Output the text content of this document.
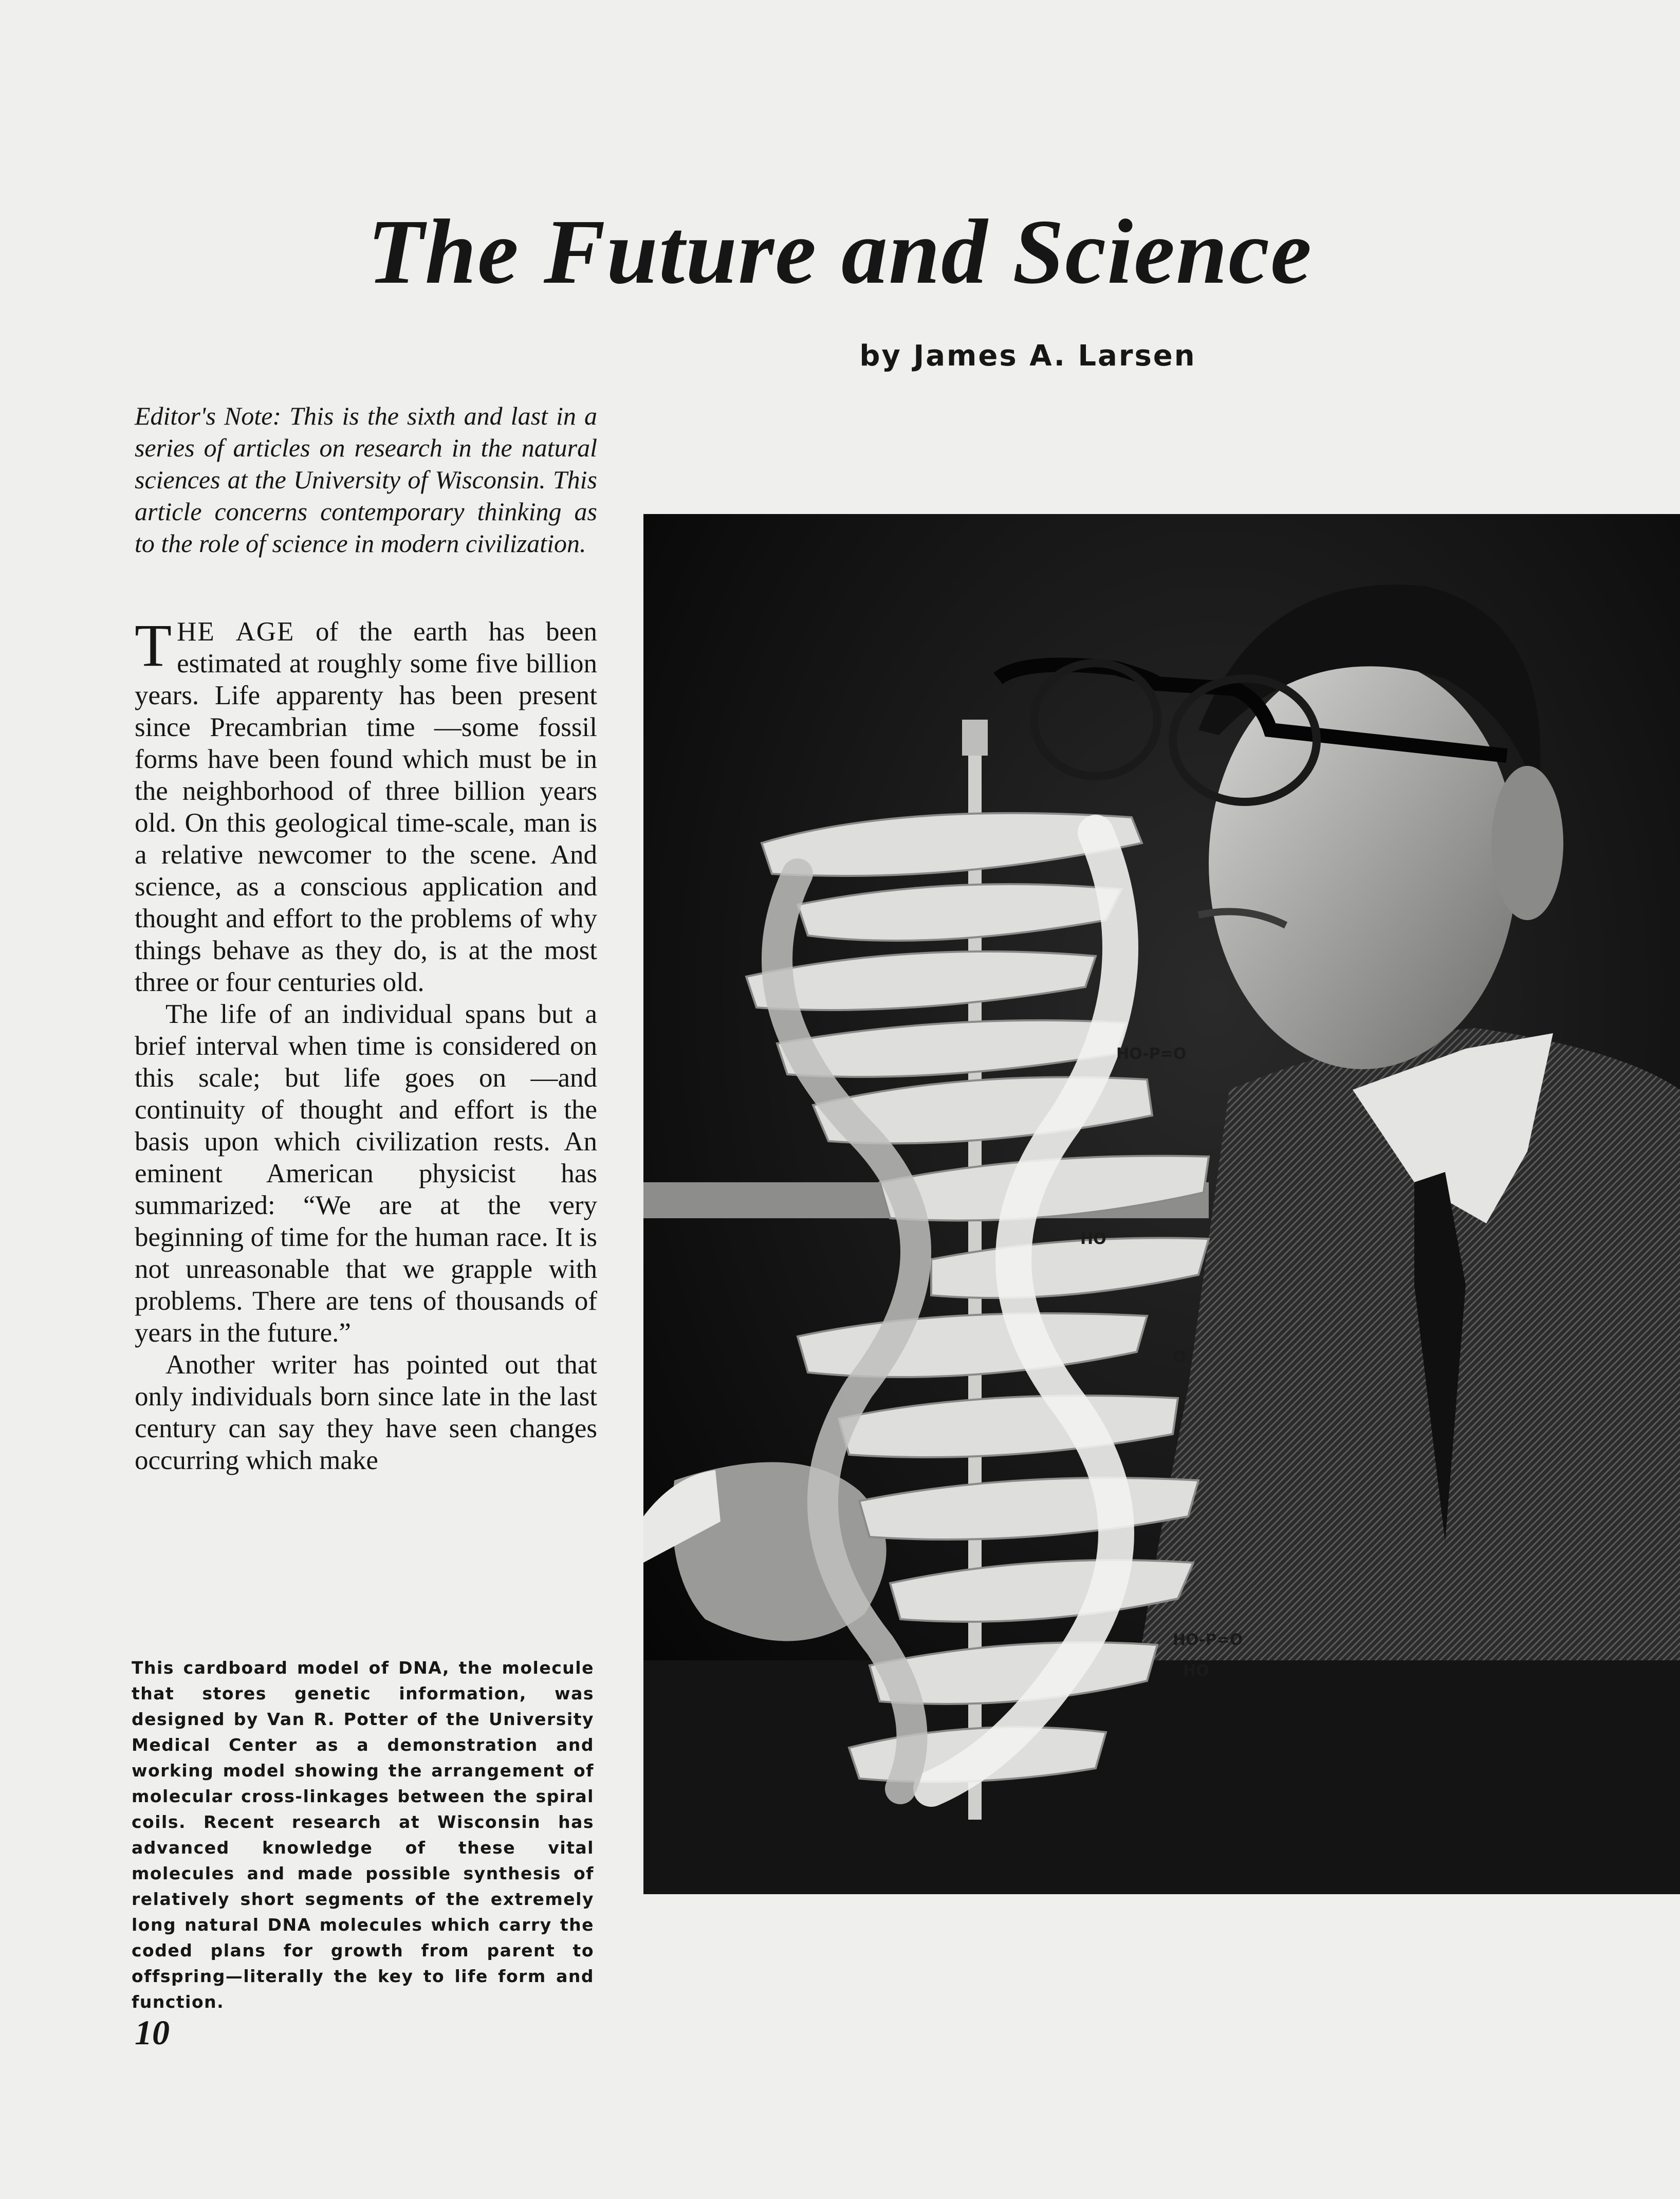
The Future and Science
by James A. Larsen

Editor's Note: This is the sixth and last in a series of articles on research in the natural sciences at the University of Wisconsin. This article concerns contemporary thinking as to the role of science in modern civilization.

THE AGE of the earth has been estimated at roughly some five billion years. Life apparenty has been present since Precambrian time —some fossil forms have been found which must be in the neighborhood of three billion years old. On this geological time-scale, man is a relative newcomer to the scene. And science, as a conscious application and thought and effort to the problems of why things behave as they do, is at the most three or four centuries old.

The life of an individual spans but a brief interval when time is considered on this scale; but life goes on —and continuity of thought and effort is the basis upon which civilization rests. An eminent American physicist has summarized: “We are at the very beginning of time for the human race. It is not unreasonable that we grapple with problems. There are tens of thousands of years in the future.”

Another writer has pointed out that only individuals born since late in the last century can say they have seen changes occurring which make

This cardboard model of DNA, the molecule that stores genetic information, was designed by Van R. Potter of the University Medical Center as a demonstration and working model showing the arrangement of molecular cross-linkages between the spiral coils. Recent research at Wisconsin has advanced knowledge of these vital molecules and made possible synthesis of relatively short segments of the extremely long natural DNA molecules which carry the coded plans for growth from parent to offspring—literally the key to life form and function.

10
HO-P=O
HO
O
HO-P=O
HO
